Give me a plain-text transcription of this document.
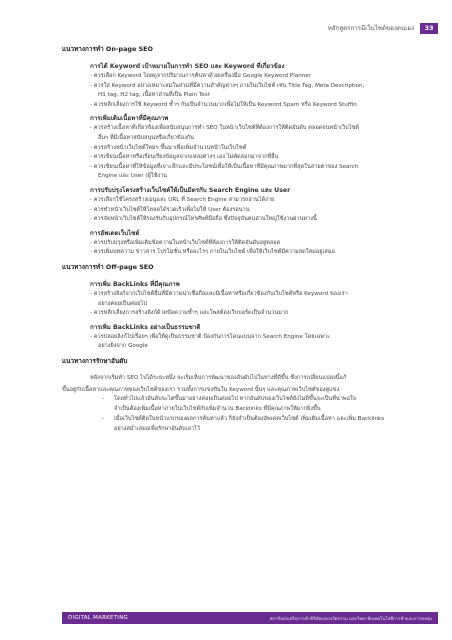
หลักสูตรการมีเว็บไซต์ของตนเอง	33
แนวทางการทำ On-page SEO
การได้ Keyword เป้าหมายในการทำ SEO และ Keyword ที่เกี่ยวข้อง
- ควรเลือก Keyword โดยดูจากปริมาณการค้นหาด้วยเครื่องมือ Google Keyword Planner
- ควรใส่ Keyword อย่างเหมาะสมในส่วนที่มีความสำคัญต่างๆ ภายในเว็บไซต์ เช่น Title Tag, Meta Description,
H1 tag, H2 tag, เนื้อหาส่วนที่เป็น Plain Text
- ควรหลีกเลี่ยงการใช้ Keyword ซ้ำๆ กันเป็นจำนวนมากเพื่อไม่ให้เป็น Keyword Spam หรือ Keyword Stuffin
การเพิ่มเติมเนื้อหาที่มีคุณภาพ
- ควรสร้างเนื้อหาที่เกี่ยวข้องเพื่อสนับสนุนการทำ SEO ในหน้าเว็บไซต์ที่ต้องการให้ติดอันดับ ตลอดจนหน้าเว็บไซต์
อื่นๆ ที่มีเนื้อหาสนับสนุนหรือเกี่ยวข้องกัน
- ควรสร้างหน้าเว็บไซต์ใหม่ๆ ขึ้นมาเพื่อเพิ่มจำนวนหน้าในเว็บไซต์
- ควรเขียนเนื้อหาหรือเรียบเรียงข้อมูลจากแหล่งต่างๆ เอง ไม่คัดลอกมาจากที่อื่น
- ควรเขียนเนื้อหาที่ให้ข้อมูลที่เจาะลึกและมีประโยชน์เพื่อให้เป็นเนื้อหาที่มีคุณภาพมากที่สุดในสายตาของ Search
Engine และ User (ผู้ใช้งาน
การปรับปรุงโครงสร้างเว็บไซต์ให้เป็นมิตรกับ Search Engine และ User
- ควรเลือกใช้โครงสร้างเมนูและ URL ที่ Search Engine สามารถอ่านได้ง่าย
- ควรทำหน้าเว็บไซต์ให้โหลดได้รวดเร็วเพื่อไม่ให้ User ต้องรอนาน
- ควรจัดหน้าเว็บไซต์ให้รองรับกับอุปกรณ์โทรศัพท์มือถือ ซึ่งปัจจุบันคนส่วนใหญ่ใช้งานผ่านทางนี้
การอัพเดตเว็บไซต์
- ควรปรับปรุงหรือเพิ่มเติมข้อความในหน้าเว็บไซต์ที่ต้องการให้ติดอันดับอยู่ตลอด
- ควรเพิ่มบทความ ข่าวสาร โปรโมชั่น หรืออะไรๆ ภายในเว็บไซต์ เพื่อให้เว็บไซต์มีความสดใหม่อยู่เสมอ
แนวทางการทำ Off-page SEO
การเพิ่ม BackLinks ที่มีคุณภาพ
- ควรสร้างลิงก์จากเว็บไซต์อื่นที่มีความน่าเชื่อถือและมีเนื้อหาหรือเกี่ยวข้องกับเว็บไซต์หรือ Keyword ของเรา
อย่างค่อยเป็นค่อยไป
- ควรหลีกเลี่ยงการสร้างลิงก์ด้วยข้อความซ้ำๆ และโพสต์ลงเว็บบอร์ดเป็นจำนวนมาก
การเพิ่ม BackLinks อย่างเป็นธรรมชาติ
- ควรปล่อยลิงก์ไปเรื่อยๆ เพื่อให้ดูเป็นธรรมชาติ ป้องกันการโดนแบนจาก Search Engine โดยเฉพาะ
อย่างยิ่งจาก Google
แนวทางการรักษาอันดับ
หลังจากเริ่มทำ SEO ไปได้ระยะหนึ่ง จะเริ่มเห็นการพัฒนาของอันดับไปในทางที่ดีขึ้น ซึ่งการเปลี่ยนแปลงนี้แก้
ขึ้นอยู่กับเนื้อหาและคุณภาพของเว็บไซต์ของเรา รวมทั้งการแข่งขันใน Keyword นั้นๆ และคุณภาพเว็บไซต์ของคู่แข่ง
- โดยทั่วไปแล้วอันดับจะไต่ขึ้นมาอย่างค่อยเป็นค่อยไป หากอันดับของเว็บไซต์ยังไม่ดีขึ้นจะเป็นที่น่าพอใจ
จำเป็นต้องเพิ่มเนื้อหาภายในเว็บไซต์กับเพิ่มจำนวน Backlinks ที่มีคุณภาพให้มากยิ่งขึ้น
- เมื่อเว็บไซต์ติดในหน้าแรกของผลการค้นหาแล้ว ก็ยังจำเป็นต้องอัพเดตเว็บไซต์ เพิ่มเติมเนื้อหา และเพิ่ม Backlinks
อย่างสม่ำเสมอเพื่อรักษาอันดับเอาไว้
DIGITAL MARKETING	สถาบันส่งเสริมการค้าดิจิทัลและนวัตกรรม และวิทยาลัยเทคโนโลยีการค้าและการลงทุน
